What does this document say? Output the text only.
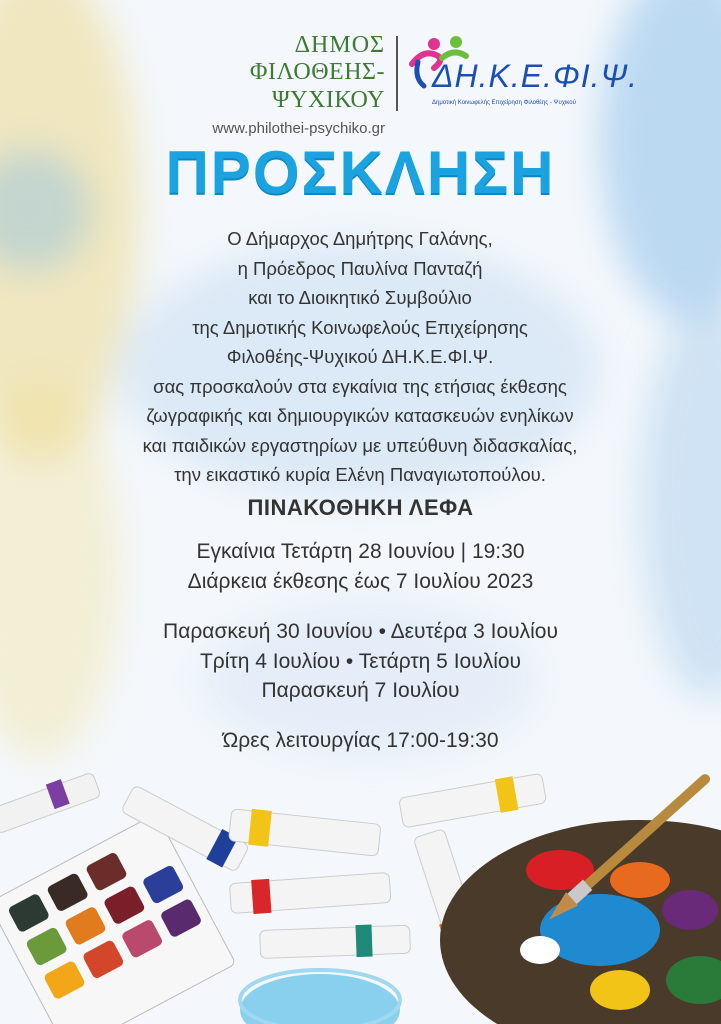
ΔΗΜΟΣ
ΦΙΛΟΘΕΗΣ-ΨΥΧΙΚΟΥ
www.philothei-psychiko.gr
ΔΗ.Κ.Ε.ΦΙ.Ψ.
Δημοτική Κοινωφελής Επιχείρηση Φιλοθέης - Ψυχικού
ΠΡΟΣΚΛΗΣΗ
Ο Δήμαρχος Δημήτρης Γαλάνης,
η Πρόεδρος Παυλίνα Πανταζή
και το Διοικητικό Συμβούλιο
της Δημοτικής Κοινωφελούς Επιχείρησης
Φιλοθέης-Ψυχικού ΔΗ.Κ.Ε.ΦΙ.Ψ.
σας προσκαλούν στα εγκαίνια της ετήσιας έκθεσης
ζωγραφικής και δημιουργικών κατασκευών ενηλίκων
και παιδικών εργαστηρίων με υπεύθυνη διδασκαλίας,
την εικαστικό κυρία Ελένη Παναγιωτοπούλου.
ΠΙΝΑΚΟΘΗΚΗ ΛΕΦΑ
Εγκαίνια Τετάρτη 28 Ιουνίου | 19:30
Διάρκεια έκθεσης έως 7 Ιουλίου 2023
Παρασκευή 30 Ιουνίου • Δευτέρα 3 Ιουλίου
Τρίτη 4 Ιουλίου • Τετάρτη 5 Ιουλίου
Παρασκευή 7 Ιουλίου
Ώρες λειτουργίας 17:00-19:30
